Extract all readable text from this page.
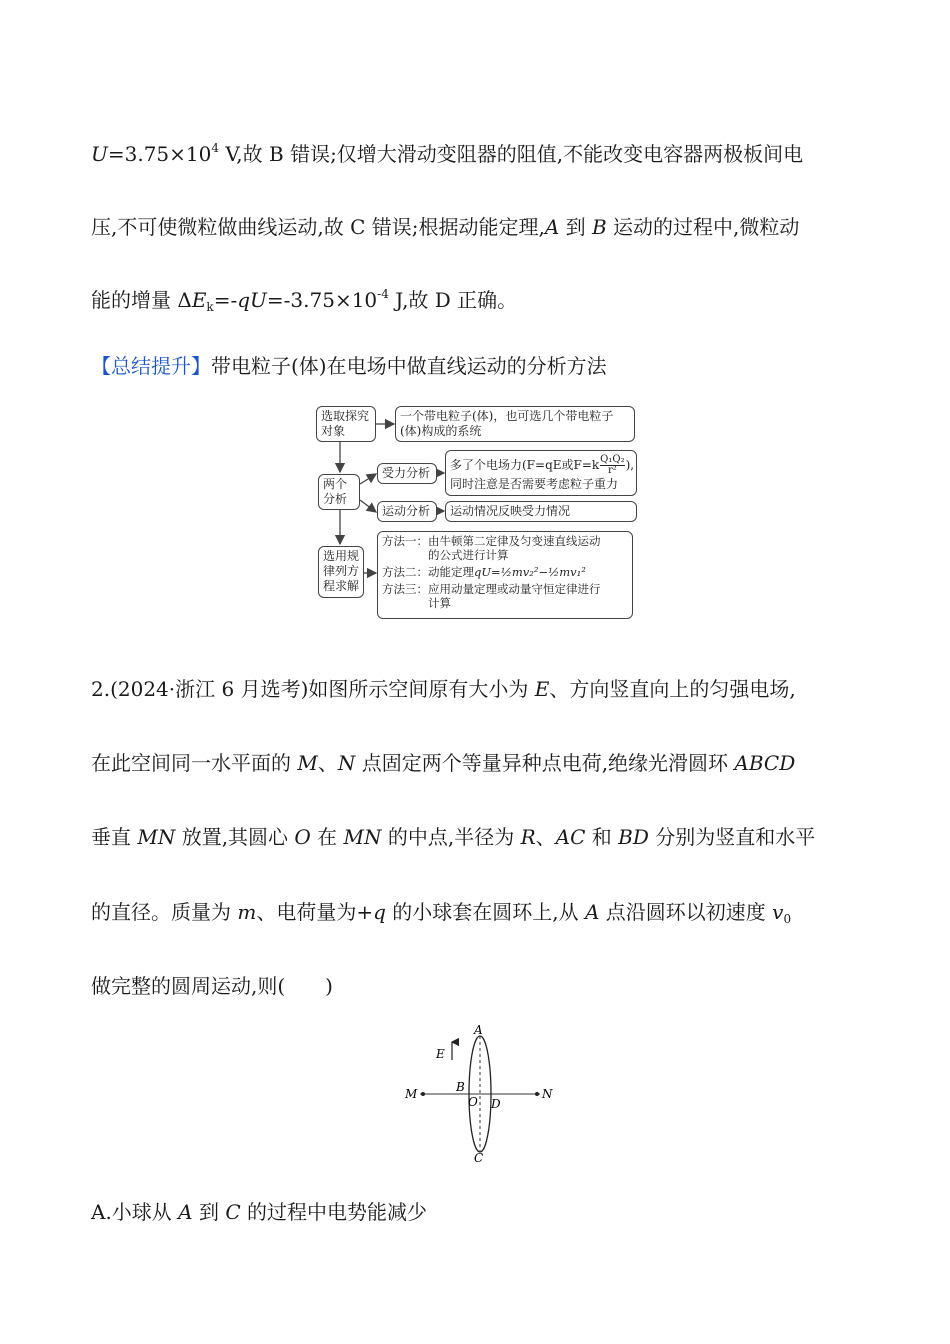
$U=3.75\times 10^4$ V,故 B 错误;仅增大滑动变阻器的阻值,不能改变电容器两极板间电
压,不可使微粒做曲线运动,故 C 错误;根据动能定理,A 到 B 运动的过程中,微粒动
能的增量 $\Delta E_k=-qU=-3.75\times 10^{-4}$ J,故 D 正确。
【总结提升】带电粒子(体)在电场中做直线运动的分析方法
选取探究
对象
一个带电粒子(体)，也可选几个带电粒子
(体)构成的系统
两个
分析
受力分析
多了个电场力(F=qE或F=k Q₁Q₂
r² ),
同时注意是否需要考虑粒子重力
运动分析 运动情况反映受力情况
选用规
律列方
程求解
方法一：由牛顿第二定律及匀变速直线运动
的公式进行计算
方法二：动能定理qU=½mv₂²−½mv₁²
方法三：应用动量定理或动量守恒定律进行
计算
2.(2024·浙江 6 月选考)如图所示空间原有大小为 E、方向竖直向上的匀强电场,
在此空间同一水平面的 M、N 点固定两个等量异种点电荷,绝缘光滑圆环 ABCD
垂直 MN 放置,其圆心 O 在 MN 的中点,半径为 R、AC 和 BD 分别为竖直和水平
的直径。质量为 m、电荷量为+q 的小球套在圆环上,从 A 点沿圆环以初速度 $v_0$
做完整的圆周运动,则(　　 )
E
A
B
O D
C
M	N
A.小球从 A 到 C 的过程中电势能减少
